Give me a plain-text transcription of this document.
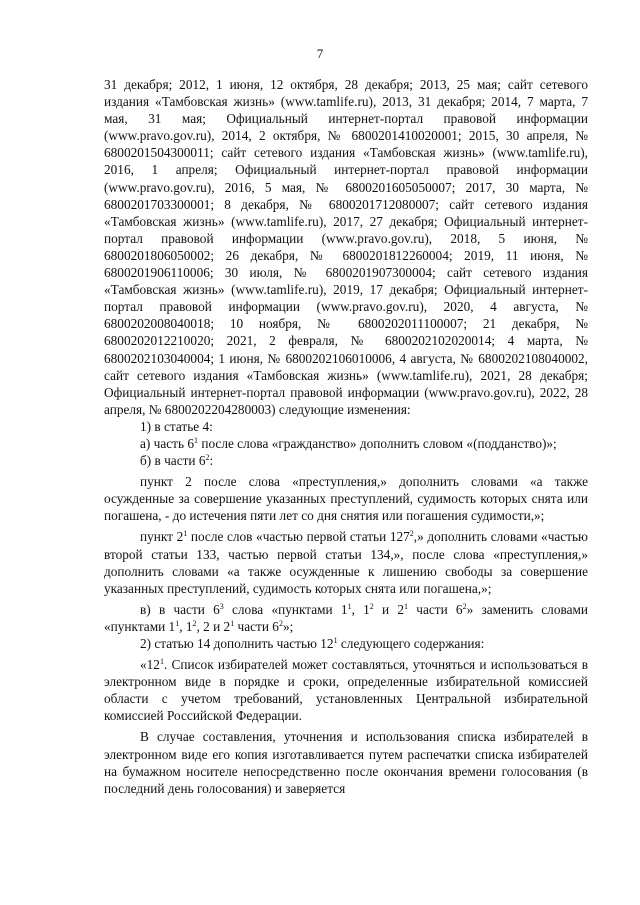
7

31 декабря; 2012, 1 июня, 12 октября, 28 декабря; 2013, 25 мая; сайт сетевого издания «Тамбовская жизнь» (www.tamlife.ru), 2013, 31 декабря; 2014, 7 марта, 7 мая, 31 мая; Официальный интернет-портал правовой информации (www.pravo.gov.ru), 2014, 2 октября, № 6800201410020001; 2015, 30 апреля, № 6800201504300011; сайт сетевого издания «Тамбовская жизнь» (www.tamlife.ru), 2016, 1 апреля; Официальный интернет-портал правовой информации (www.pravo.gov.ru), 2016, 5 мая, № 6800201605050007; 2017, 30 марта, № 6800201703300001; 8 декабря, № 6800201712080007; сайт сетевого издания «Тамбовская жизнь» (www.tamlife.ru), 2017, 27 декабря; Официальный интернет-портал правовой информации (www.pravo.gov.ru), 2018, 5 июня, № 6800201806050002; 26 декабря, № 6800201812260004; 2019, 11 июня, № 6800201906110006; 30 июля, № 6800201907300004; сайт сетевого издания «Тамбовская жизнь» (www.tamlife.ru), 2019, 17 декабря; Официальный интернет-портал правовой информации (www.pravo.gov.ru), 2020, 4 августа, № 6800202008040018; 10 ноября, № 6800202011100007; 21 декабря, № 6800202012210020; 2021, 2 февраля, № 6800202102020014; 4 марта, № 6800202103040004; 1 июня, № 6800202106010006, 4 августа, № 6800202108040002, сайт сетевого издания «Тамбовская жизнь» (www.tamlife.ru), 2021, 28 декабря; Официальный интернет-портал правовой информации (www.pravo.gov.ru), 2022, 28 апреля, № 6800202204280003) следующие изменения:

1) в статье 4:

а) часть $6^1$ после слова «гражданство» дополнить словом «(подданство)»;

б) в части $6^2$:

пункт 2 после слова «преступления,» дополнить словами «а также осужденные за совершение указанных преступлений, судимость которых снята или погашена, - до истечения пяти лет со дня снятия или погашения судимости,»;

пункт $2^1$ после слов «частью первой статьи $127^2$,» дополнить словами «частью второй статьи 133, частью первой статьи 134,», после слова «преступления,» дополнить словами «а также осужденные к лишению свободы за совершение указанных преступлений, судимость которых снята или погашена,»;

в) в части $6^3$ слова «пунктами $1^1$, $1^2$ и $2^1$ части $6^2$» заменить словами «пунктами $1^1$, $1^2$, 2 и $2^1$ части $6^2$»;

2) статью 14 дополнить частью $12^1$ следующего содержания:

«$12^1$. Список избирателей может составляться, уточняться и использоваться в электронном виде в порядке и сроки, определенные избирательной комиссией области с учетом требований, установленных Центральной избирательной комиссией Российской Федерации.

В случае составления, уточнения и использования списка избирателей в электронном виде его копия изготавливается путем распечатки списка избирателей на бумажном носителе непосредственно после окончания времени голосования (в последний день голосования) и заверяется
